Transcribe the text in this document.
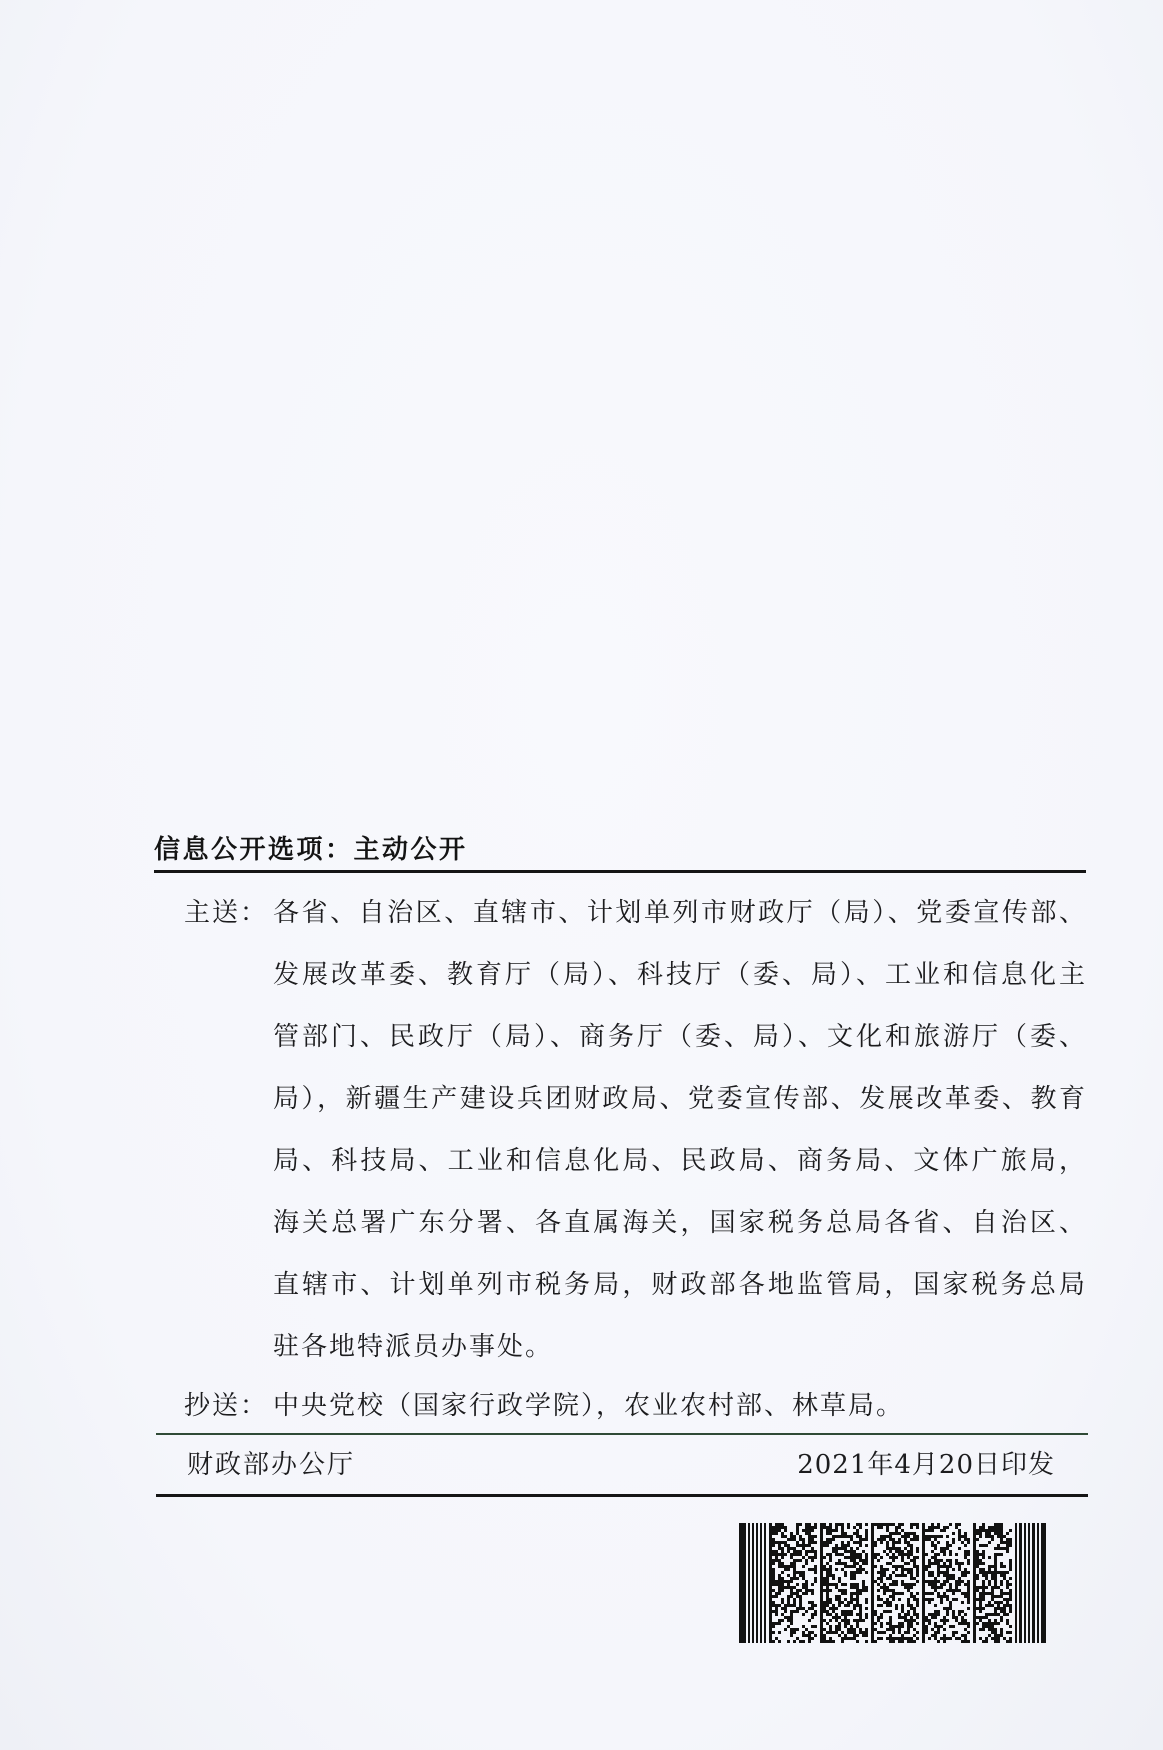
信息公开选项：主动公开
主送： 各省、自治区、直辖市、计划单列市财政厅（局）、党委宣传部、
发展改革委、教育厅（局）、科技厅（委、局）、工业和信息化主
管部门、民政厅（局）、商务厅（委、局）、文化和旅游厅（委、
局），新疆生产建设兵团财政局、党委宣传部、发展改革委、教育
局、科技局、工业和信息化局、民政局、商务局、文体广旅局，
海关总署广东分署、各直属海关，国家税务总局各省、自治区、
直辖市、计划单列市税务局，财政部各地监管局，国家税务总局
驻各地特派员办事处。
抄送： 中央党校（国家行政学院），农业农村部、林草局。
财政部办公厅	2021年4月20日印发
